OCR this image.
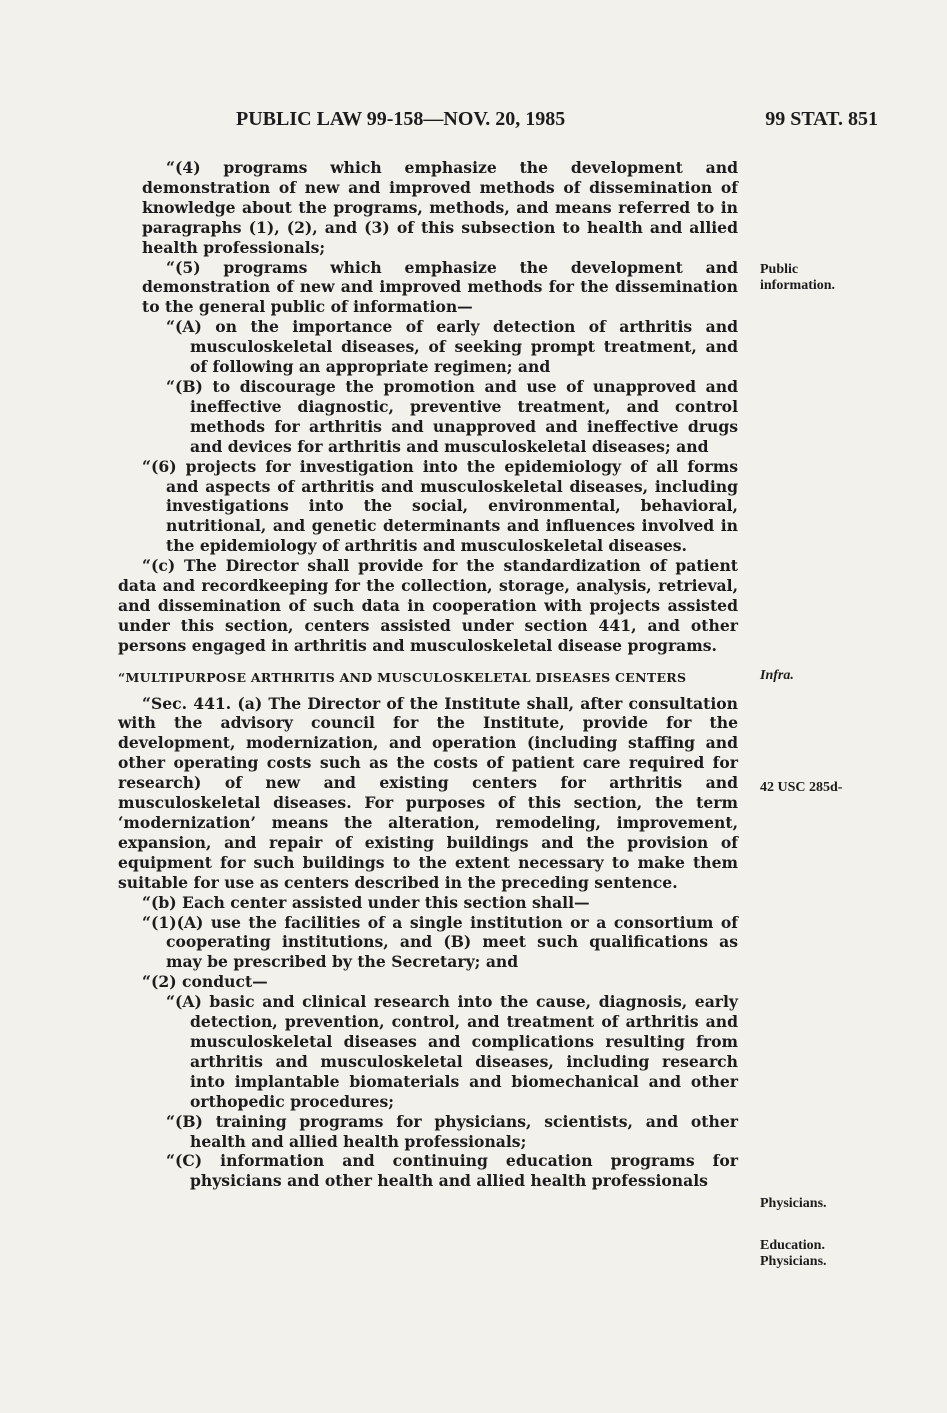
PUBLIC LAW 99-158—NOV. 20, 1985	99 STAT. 851

“(4) programs which emphasize the development and demonstration of new and improved methods of dissemination of knowledge about the programs, methods, and means referred to in paragraphs (1), (2), and (3) of this subsection to health and allied health professionals;

“(5) programs which emphasize the development and demonstration of new and improved methods for the dissemination to the general public of information—

“(A) on the importance of early detection of arthritis and musculoskeletal diseases, of seeking prompt treatment, and of following an appropriate regimen; and

“(B) to discourage the promotion and use of unapproved and ineffective diagnostic, preventive treatment, and control methods for arthritis and unapproved and ineffective drugs and devices for arthritis and musculoskeletal diseases; and

“(6) projects for investigation into the epidemiology of all forms and aspects of arthritis and musculoskeletal diseases, including investigations into the social, environmental, behavioral, nutritional, and genetic determinants and influences involved in the epidemiology of arthritis and musculoskeletal diseases.

“(c) The Director shall provide for the standardization of patient data and recordkeeping for the collection, storage, analysis, retrieval, and dissemination of such data in cooperation with projects assisted under this section, centers assisted under section 441, and other persons engaged in arthritis and musculoskeletal disease programs.

“MULTIPURPOSE ARTHRITIS AND MUSCULOSKELETAL DISEASES CENTERS

“Sec. 441. (a) The Director of the Institute shall, after consultation with the advisory council for the Institute, provide for the development, modernization, and operation (including staffing and other operating costs such as the costs of patient care required for research) of new and existing centers for arthritis and musculoskeletal diseases. For purposes of this section, the term ‘modernization’ means the alteration, remodeling, improvement, expansion, and repair of existing buildings and the provision of equipment for such buildings to the extent necessary to make them suitable for use as centers described in the preceding sentence.

“(b) Each center assisted under this section shall—

“(1)(A) use the facilities of a single institution or a consortium of cooperating institutions, and (B) meet such qualifications as may be prescribed by the Secretary; and

“(2) conduct—

“(A) basic and clinical research into the cause, diagnosis, early detection, prevention, control, and treatment of arthritis and musculoskeletal diseases and complications resulting from arthritis and musculoskeletal diseases, including research into implantable biomaterials and biomechanical and other orthopedic procedures;

“(B) training programs for physicians, scientists, and other health and allied health professionals;

“(C) information and continuing education programs for physicians and other health and allied health professionals

Public information.
Infra.
42 USC 285d-
Physicians.
Education. Physicians.
